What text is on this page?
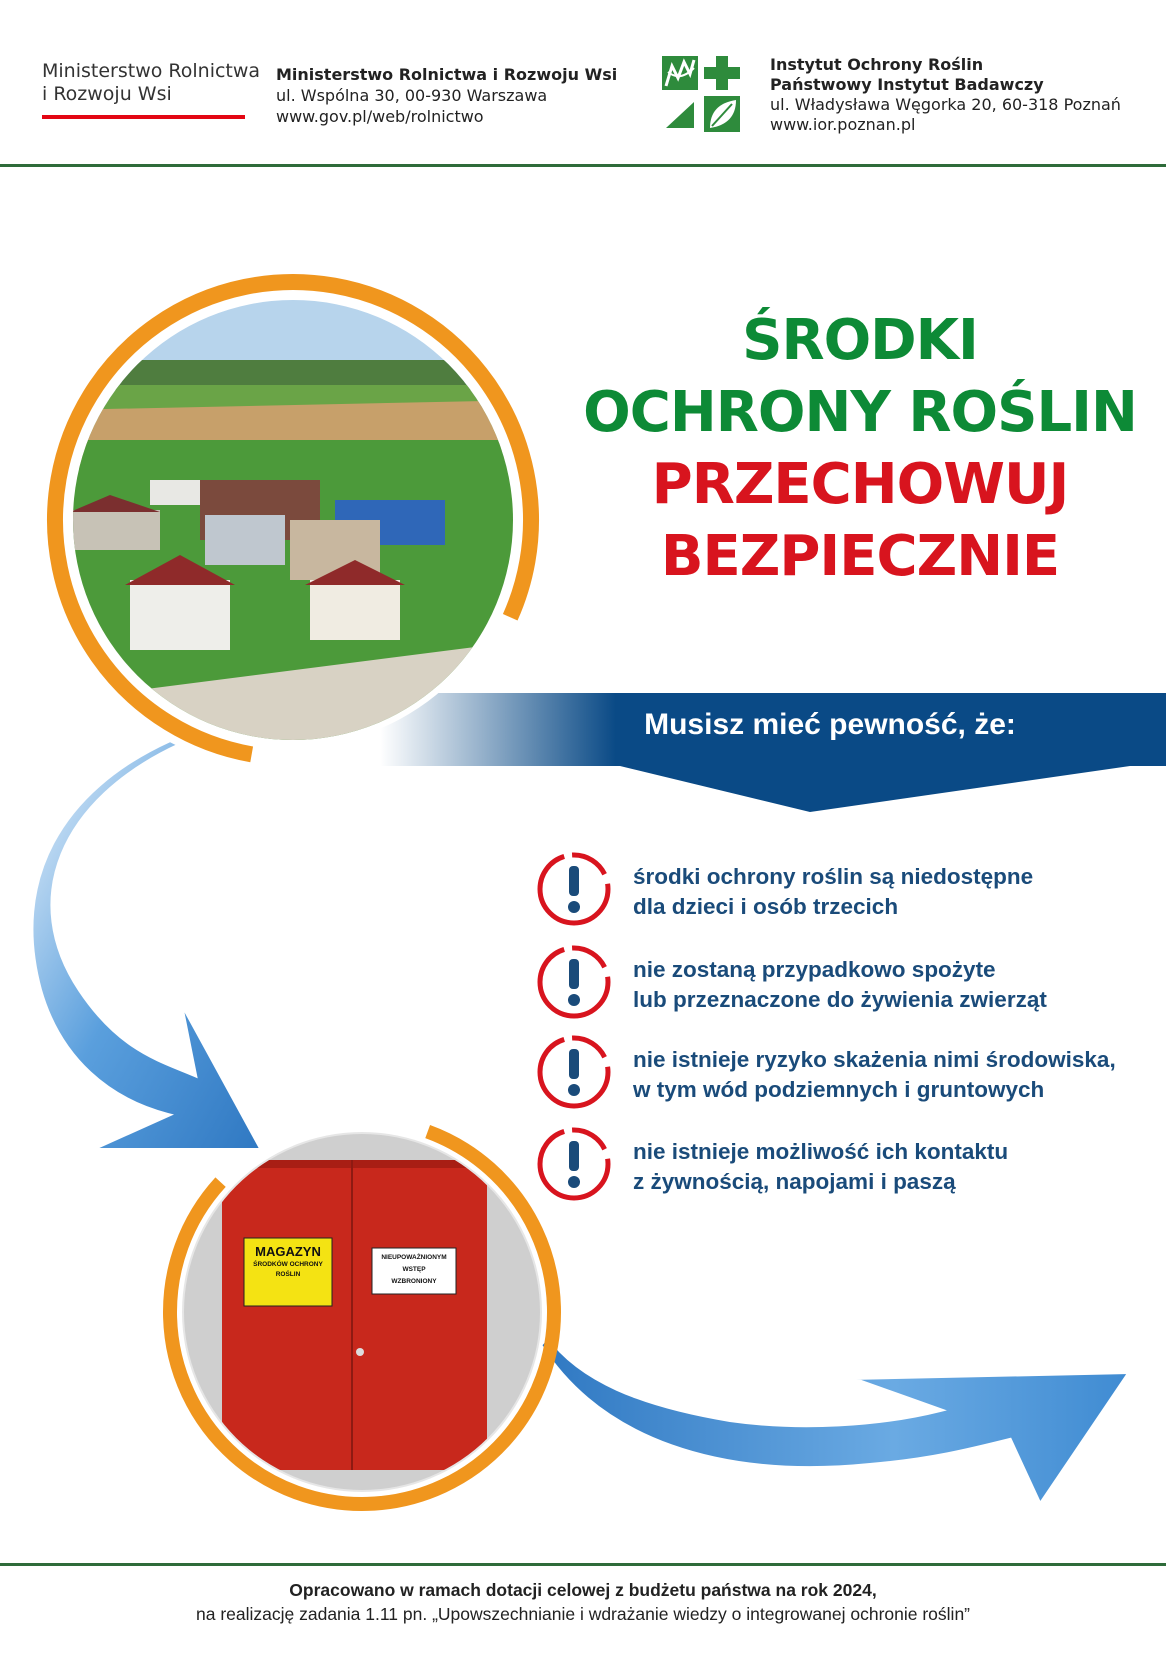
Ministerstwo Rolnictwa
i Rozwoju Wsi
Ministerstwo Rolnictwa i Rozwoju Wsi
ul. Wspólna 30, 00-930 Warszawa
www.gov.pl/web/rolnictwo
Instytut Ochrony Roślin
Państwowy Instytut Badawczy
ul. Władysława Węgorka 20, 60-318 Poznań
www.ior.poznan.pl
MAGAZYN
ŚRODKÓW OCHRONY
ROŚLIN
NIEUPOWAŻNIONYM
WSTĘP
WZBRONIONY
ŚRODKI
OCHRONY ROŚLIN
PRZECHOWUJ
BEZPIECZNIE
Musisz mieć pewność, że:
środki ochrony roślin są niedostępne
dla dzieci i osób trzecich
nie zostaną przypadkowo spożyte
lub przeznaczone do żywienia zwierząt
nie istnieje ryzyko skażenia nimi środowiska,
w tym wód podziemnych i gruntowych
nie istnieje możliwość ich kontaktu
z żywnością, napojami i paszą
Opracowano w ramach dotacji celowej z budżetu państwa na rok 2024,
na realizację zadania 1.11 pn. „Upowszechnianie i wdrażanie wiedzy o integrowanej ochronie roślin”
